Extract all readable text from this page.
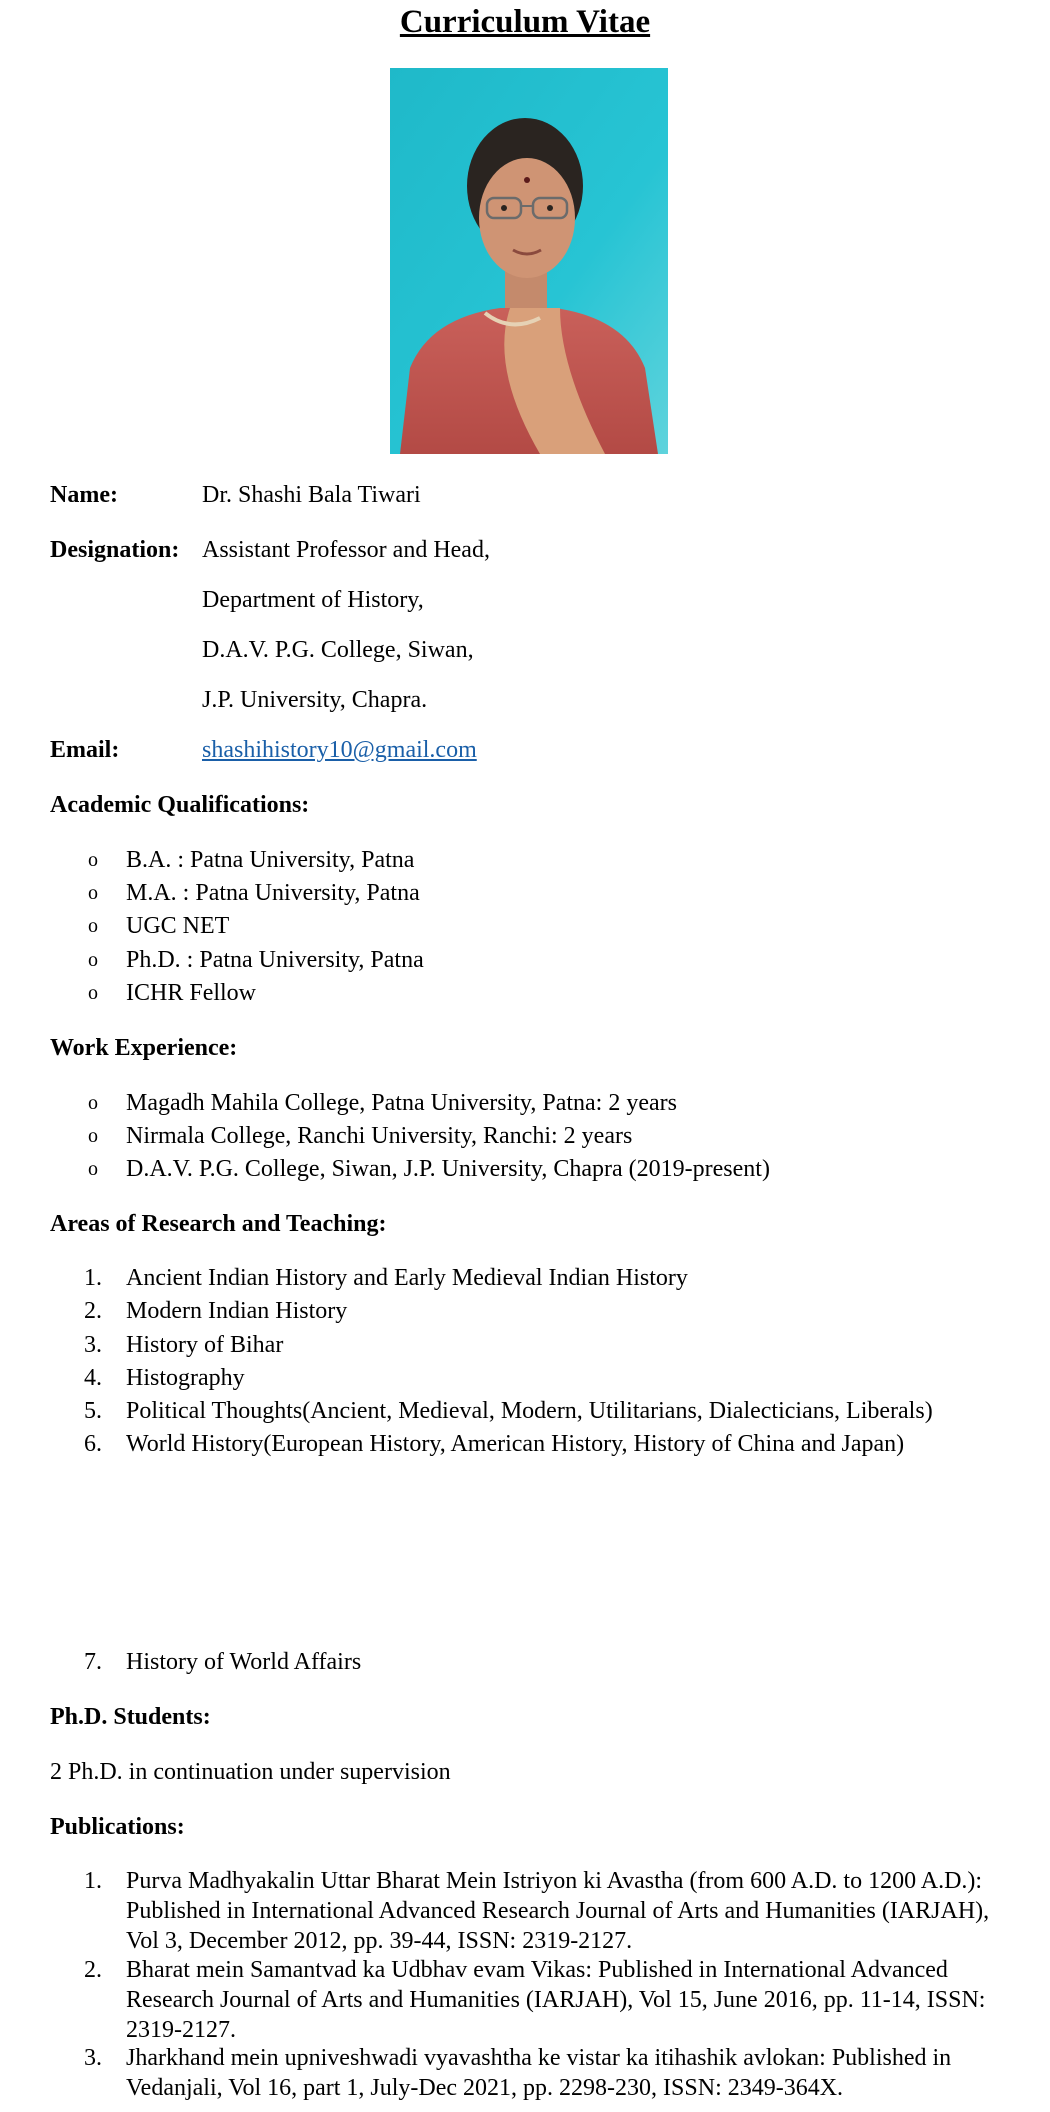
Curriculum Vitae
Name:	Dr. Shashi Bala Tiwari
Designation: Assistant Professor and Head,
Department of History,
D.A.V. P.G. College, Siwan,
J.P. University, Chapra.
Email:	shashihistory10@gmail.com
Academic Qualifications:
o B.A. : Patna University, Patna
o M.A. : Patna University, Patna
o UGC NET
o Ph.D. : Patna University, Patna
o ICHR Fellow
Work Experience:
o Magadh Mahila College, Patna University, Patna: 2 years
o Nirmala College, Ranchi University, Ranchi: 2 years
o D.A.V. P.G. College, Siwan, J.P. University, Chapra (2019-present)
Areas of Research and Teaching:
1.	Ancient Indian History and Early Medieval Indian History
2.	Modern Indian History
3.	History of Bihar
4.	Histography
5.	Political Thoughts(Ancient, Medieval, Modern, Utilitarians, Dialecticians, Liberals)
6.	World History(European History, American History, History of China and Japan)
7.	History of World Affairs
Ph.D. Students:
2 Ph.D. in continuation under supervision
Publications:
1.	Purva Madhyakalin Uttar Bharat Mein Istriyon ki Avastha (from 600 A.D. to 1200 A.D.): Published in International Advanced Research Journal of Arts and Humanities (IARJAH), Vol 3, December 2012, pp. 39-44, ISSN: 2319-2127.
2.	Bharat mein Samantvad ka Udbhav evam Vikas: Published in International Advanced Research Journal of Arts and Humanities (IARJAH), Vol 15, June 2016, pp. 11-14, ISSN: 2319-2127.
3.	Jharkhand mein upniveshwadi vyavashtha ke vistar ka itihashik avlokan: Published in Vedanjali, Vol 16, part 1, July-Dec 2021, pp. 2298-230, ISSN: 2349-364X.
